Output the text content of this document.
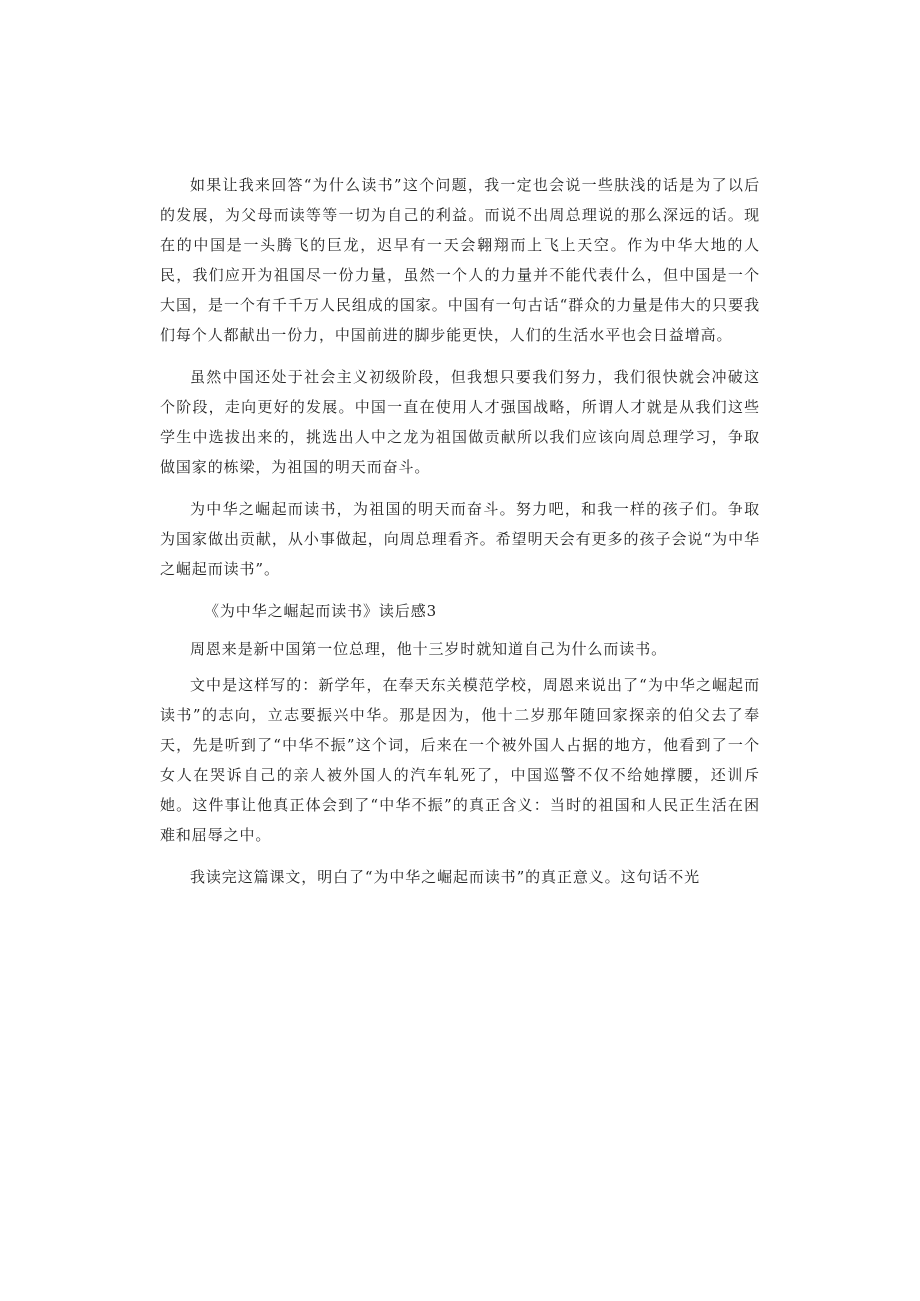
如果让我来回答“为什么读书”这个问题，我一定也会说一些肤浅的话是为了以后的发展，为父母而读等等一切为自己的利益。而说不出周总理说的那么深远的话。现在的中国是一头腾飞的巨龙，迟早有一天会翱翔而上飞上天空。作为中华大地的人民，我们应开为祖国尽一份力量，虽然一个人的力量并不能代表什么，但中国是一个大国，是一个有千千万人民组成的国家。中国有一句古话“群众的力量是伟大的只要我们每个人都献出一份力，中国前进的脚步能更快，人们的生活水平也会日益增高。

虽然中国还处于社会主义初级阶段，但我想只要我们努力，我们很快就会冲破这个阶段，走向更好的发展。中国一直在使用人才强国战略，所谓人才就是从我们这些学生中选拔出来的，挑选出人中之龙为祖国做贡献所以我们应该向周总理学习，争取做国家的栋梁，为祖国的明天而奋斗。

为中华之崛起而读书，为祖国的明天而奋斗。努力吧，和我一样的孩子们。争取为国家做出贡献，从小事做起，向周总理看齐。希望明天会有更多的孩子会说“为中华之崛起而读书”。

《为中华之崛起而读书》读后感3

周恩来是新中国第一位总理，他十三岁时就知道自己为什么而读书。

文中是这样写的：新学年，在奉天东关模范学校，周恩来说出了“为中华之崛起而读书”的志向，立志要振兴中华。那是因为，他十二岁那年随回家探亲的伯父去了奉天，先是听到了“中华不振”这个词，后来在一个被外国人占据的地方，他看到了一个女人在哭诉自己的亲人被外国人的汽车轧死了，中国巡警不仅不给她撑腰，还训斥她。这件事让他真正体会到了“中华不振”的真正含义：当时的祖国和人民正生活在困难和屈辱之中。

我读完这篇课文，明白了“为中华之崛起而读书”的真正意义。这句话不光
